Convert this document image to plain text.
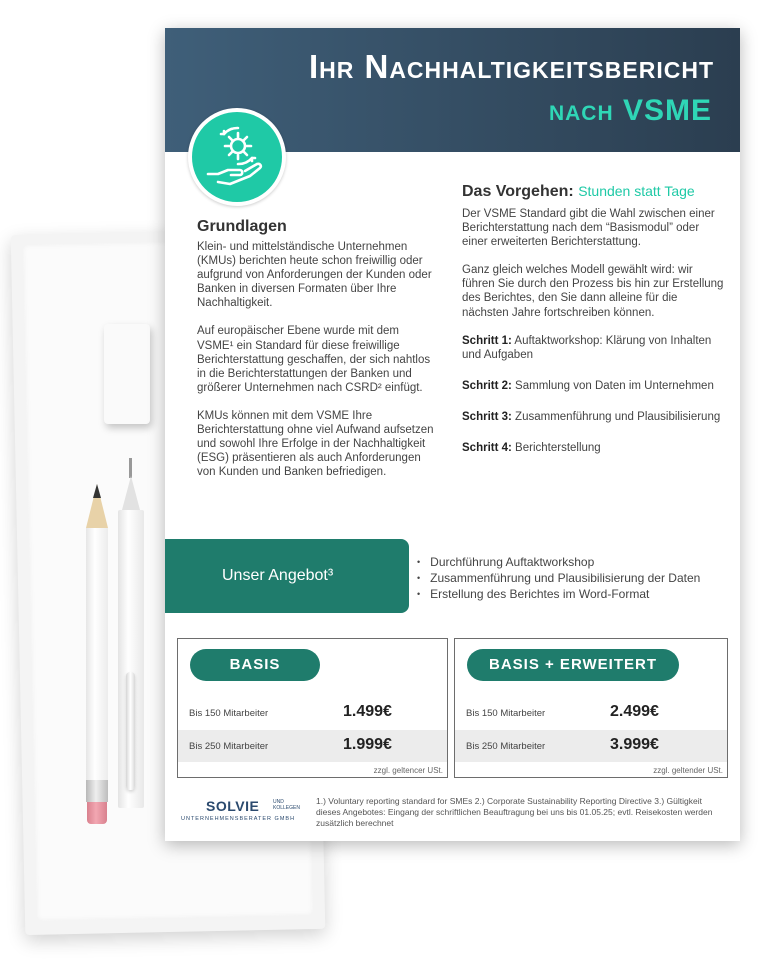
Ihr Nachhaltigkeitsbericht
nach VSME
Grundlagen

Klein- und mittelständische Unternehmen (KMUs) berichten heute schon freiwillig oder aufgrund von Anforderungen der Kunden oder Banken in diversen Formaten über Ihre Nachhaltigkeit.

Auf europäischer Ebene wurde mit dem VSME¹ ein Standard für diese freiwillige Berichterstattung geschaffen, der sich nahtlos in die Berichterstattungen der Banken und größerer Unternehmen nach CSRD² einfügt.

KMUs können mit dem VSME Ihre Berichterstattung ohne viel Aufwand aufsetzen und sowohl Ihre Erfolge in der Nachhaltigkeit (ESG) präsentieren als auch Anforderungen von Kunden und Banken befriedigen.

Das Vorgehen: Stunden statt Tage

Der VSME Standard gibt die Wahl zwischen einer Berichterstattung nach dem “Basismodul” oder einer erweiterten Berichterstattung.

Ganz gleich welches Modell gewählt wird: wir führen Sie durch den Prozess bis hin zur Erstellung des Berichtes, den Sie dann alleine für die nächsten Jahre fortschreiben können.

Schritt 1: Auftaktworkshop: Klärung von Inhalten und Aufgaben

Schritt 2: Sammlung von Daten im Unternehmen

Schritt 3: Zusammenführung und Plausibilisierung

Schritt 4: Berichterstellung

Unser Angebot³
• Durchführung Auftaktworkshop
• Zusammenführung und Plausibilisierung der Daten
• Erstellung des Berichtes im Word-Format
BASIS
Bis 150 Mitarbeiter	1.499€
Bis 250 Mitarbeiter	1.999€
zzgl. geltencer USt.
BASIS + ERWEITERT
Bis 150 Mitarbeiter	2.499€
Bis 250 Mitarbeiter	3.999€
zzgl. geltender USt.
SOLVIE	UND KOLLEGEN
UNTERNEHMENSBERATER GMBH
1.) Voluntary reporting standard for SMEs 2.) Corporate Sustainability Reporting Directive 3.) Gültigkeit dieses Angebotes: Eingang der schriftlichen Beauftragung bei uns bis 01.05.25; evtl. Reisekosten werden zusätzlich berechnet
